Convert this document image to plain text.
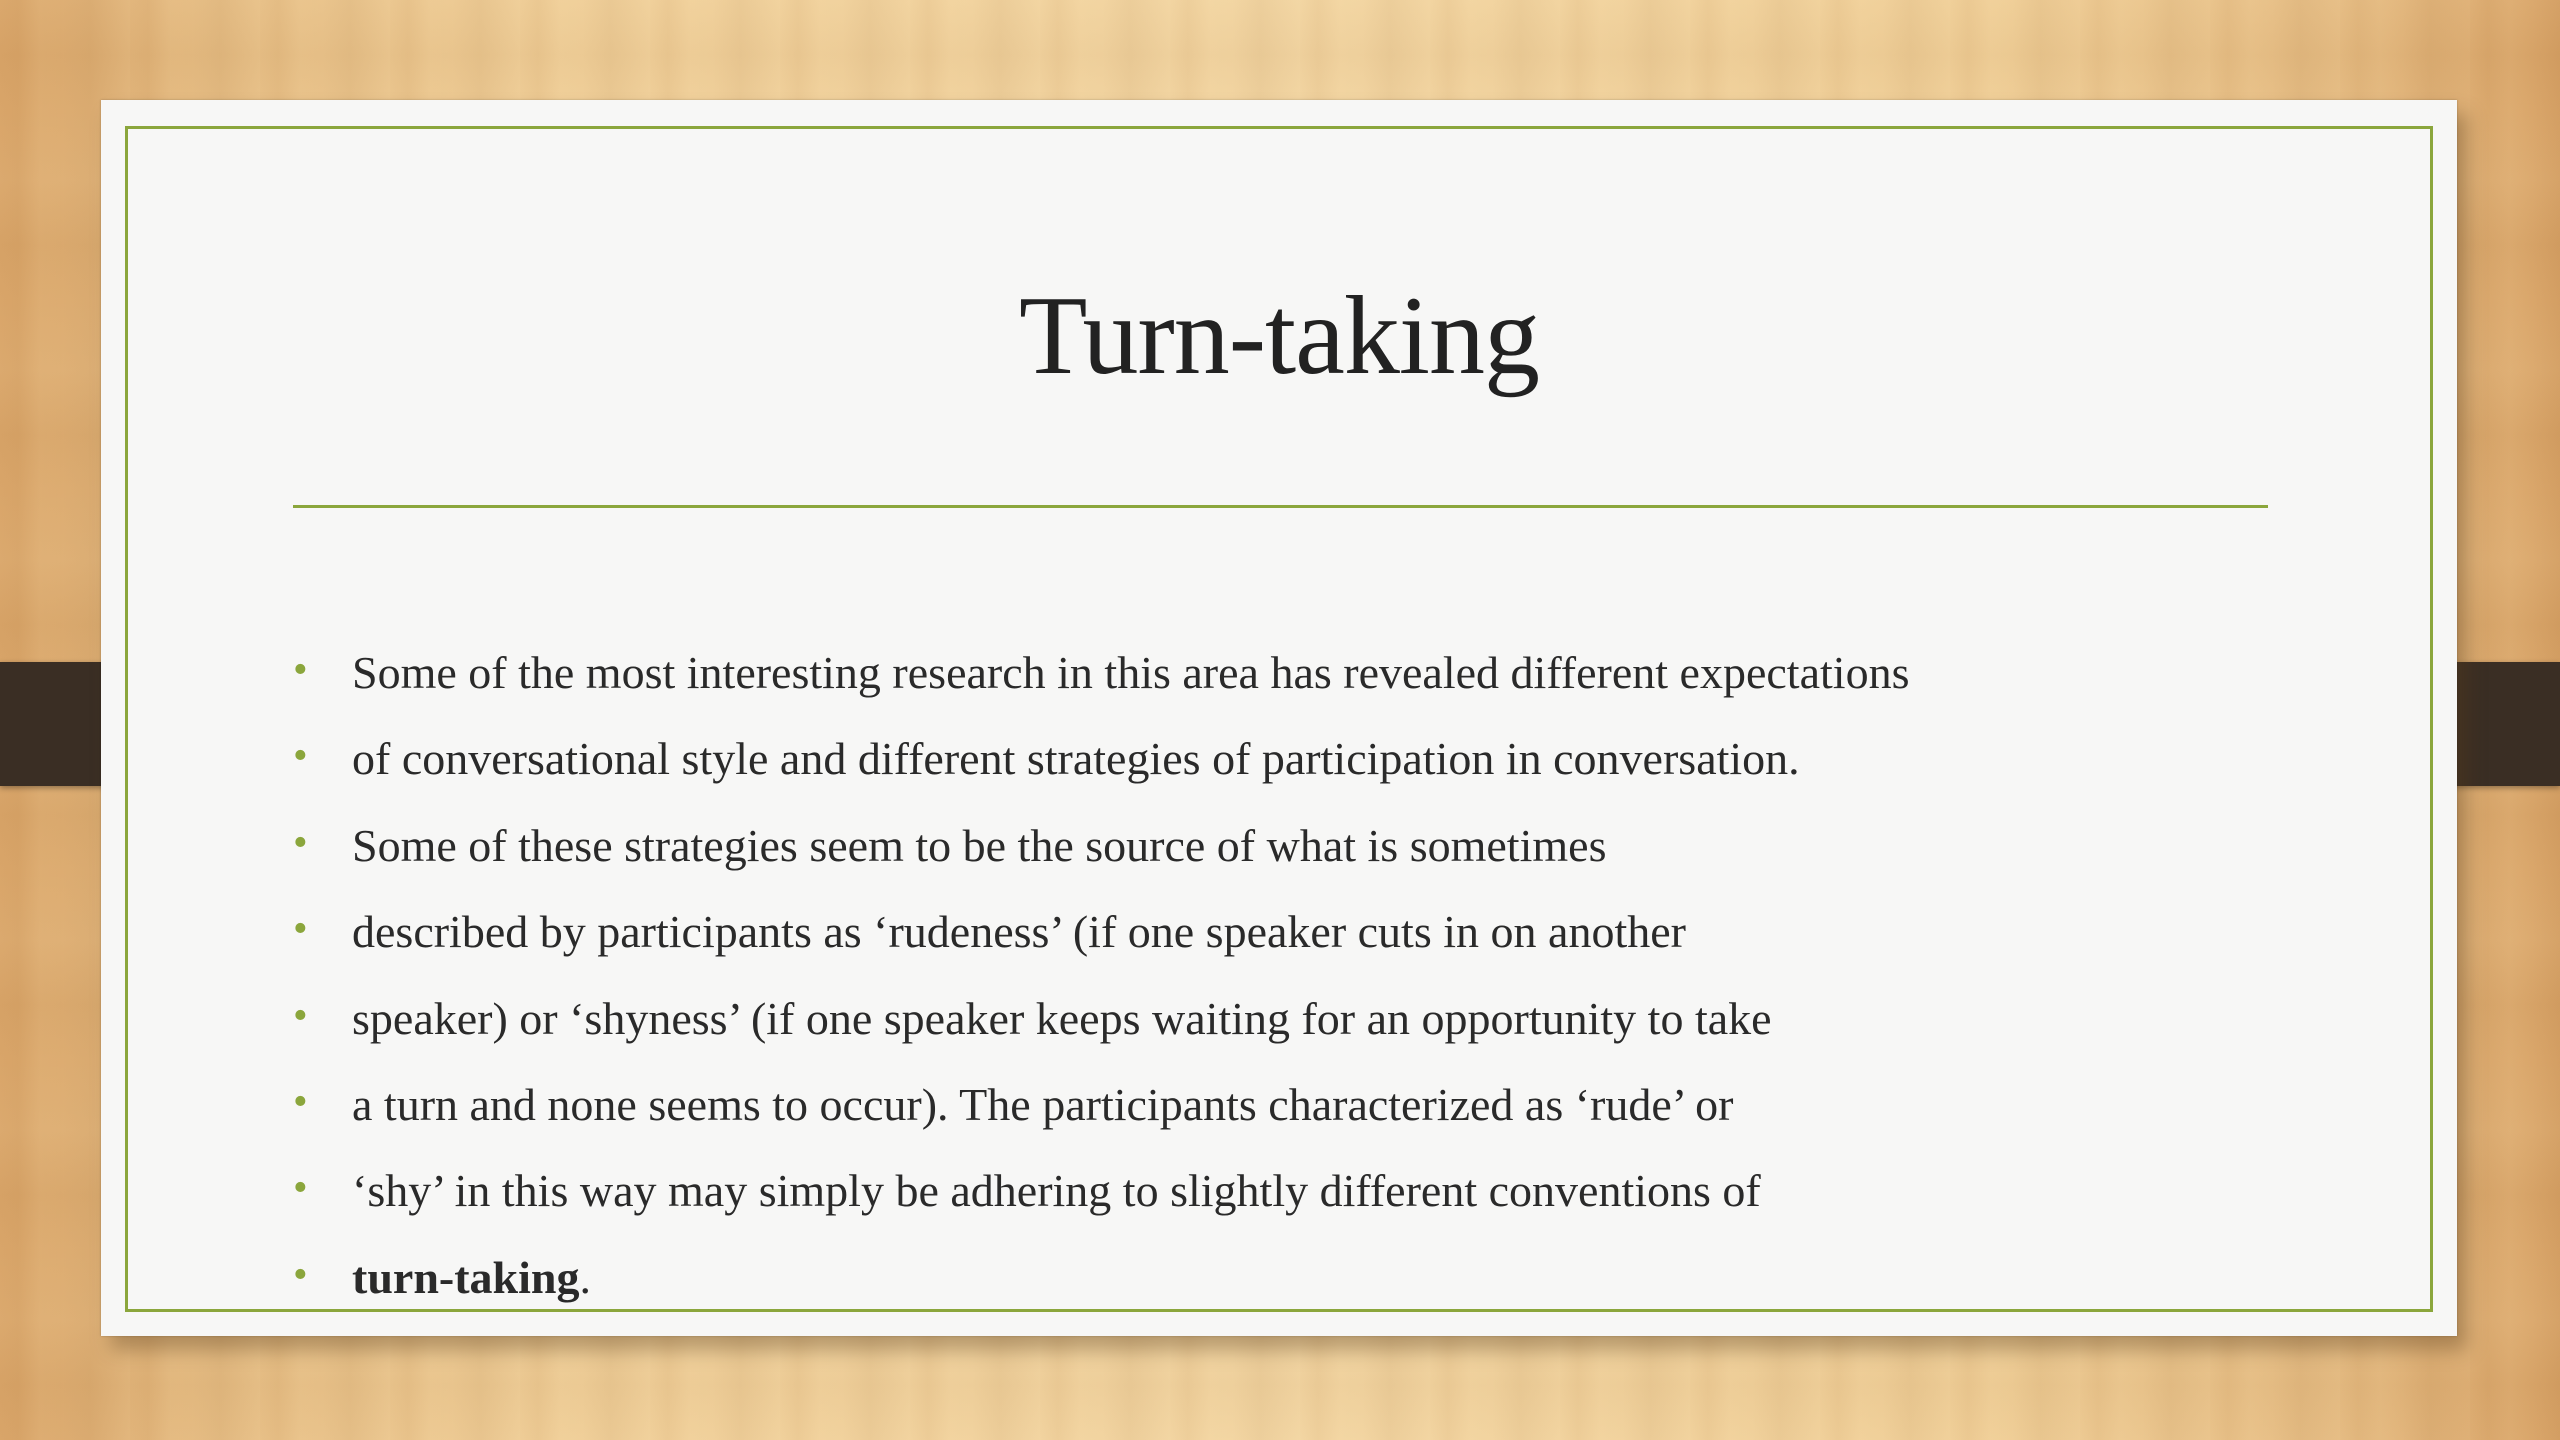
Turn-taking
• Some of the most interesting research in this area has revealed different expectations
• of conversational style and different strategies of participation in conversation.
• Some of these strategies seem to be the source of what is sometimes
• described by participants as ‘rudeness’ (if one speaker cuts in on another
• speaker) or ‘shyness’ (if one speaker keeps waiting for an opportunity to take
• a turn and none seems to occur). The participants characterized as ‘rude’ or
• ‘shy’ in this way may simply be adhering to slightly different conventions of
• turn-taking.
